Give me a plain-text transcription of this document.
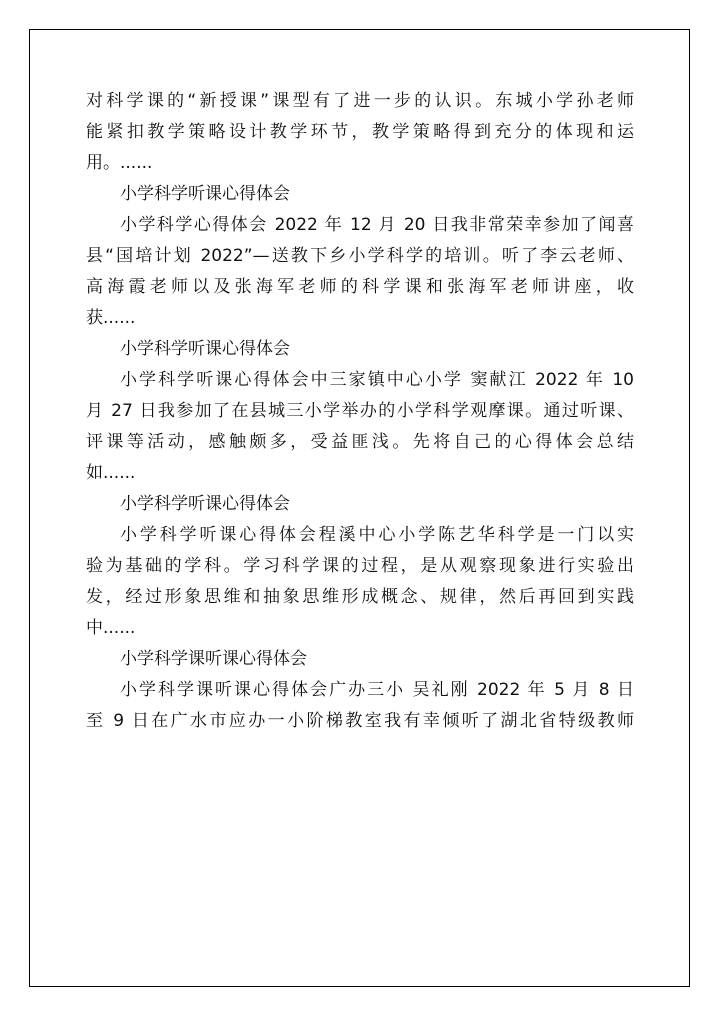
对科学课的“新授课”课型有了进一步的认识。东城小学孙老师
能紧扣教学策略设计教学环节，教学策略得到充分的体现和运
用。......
小学科学听课心得体会
小学科学心得体会 2022 年 12 月 20 日我非常荣幸参加了闻喜
县“国培计划 2022”—送教下乡小学科学的培训。听了李云老师、
高海霞老师以及张海军老师的科学课和张海军老师讲座，收
获......
小学科学听课心得体会
小学科学听课心得体会中三家镇中心小学 窦献江 2022 年 10
月 27 日我参加了在县城三小学举办的小学科学观摩课。通过听课、
评课等活动，感触颇多，受益匪浅。先将自己的心得体会总结
如......
小学科学听课心得体会
小学科学听课心得体会程溪中心小学陈艺华科学是一门以实
验为基础的学科。学习科学课的过程，是从观察现象进行实验出
发，经过形象思维和抽象思维形成概念、规律，然后再回到实践
中......
小学科学课听课心得体会
小学科学课听课心得体会广办三小 吴礼刚 2022 年 5 月 8 日
至 9 日在广水市应办一小阶梯教室我有幸倾听了湖北省特级教师
